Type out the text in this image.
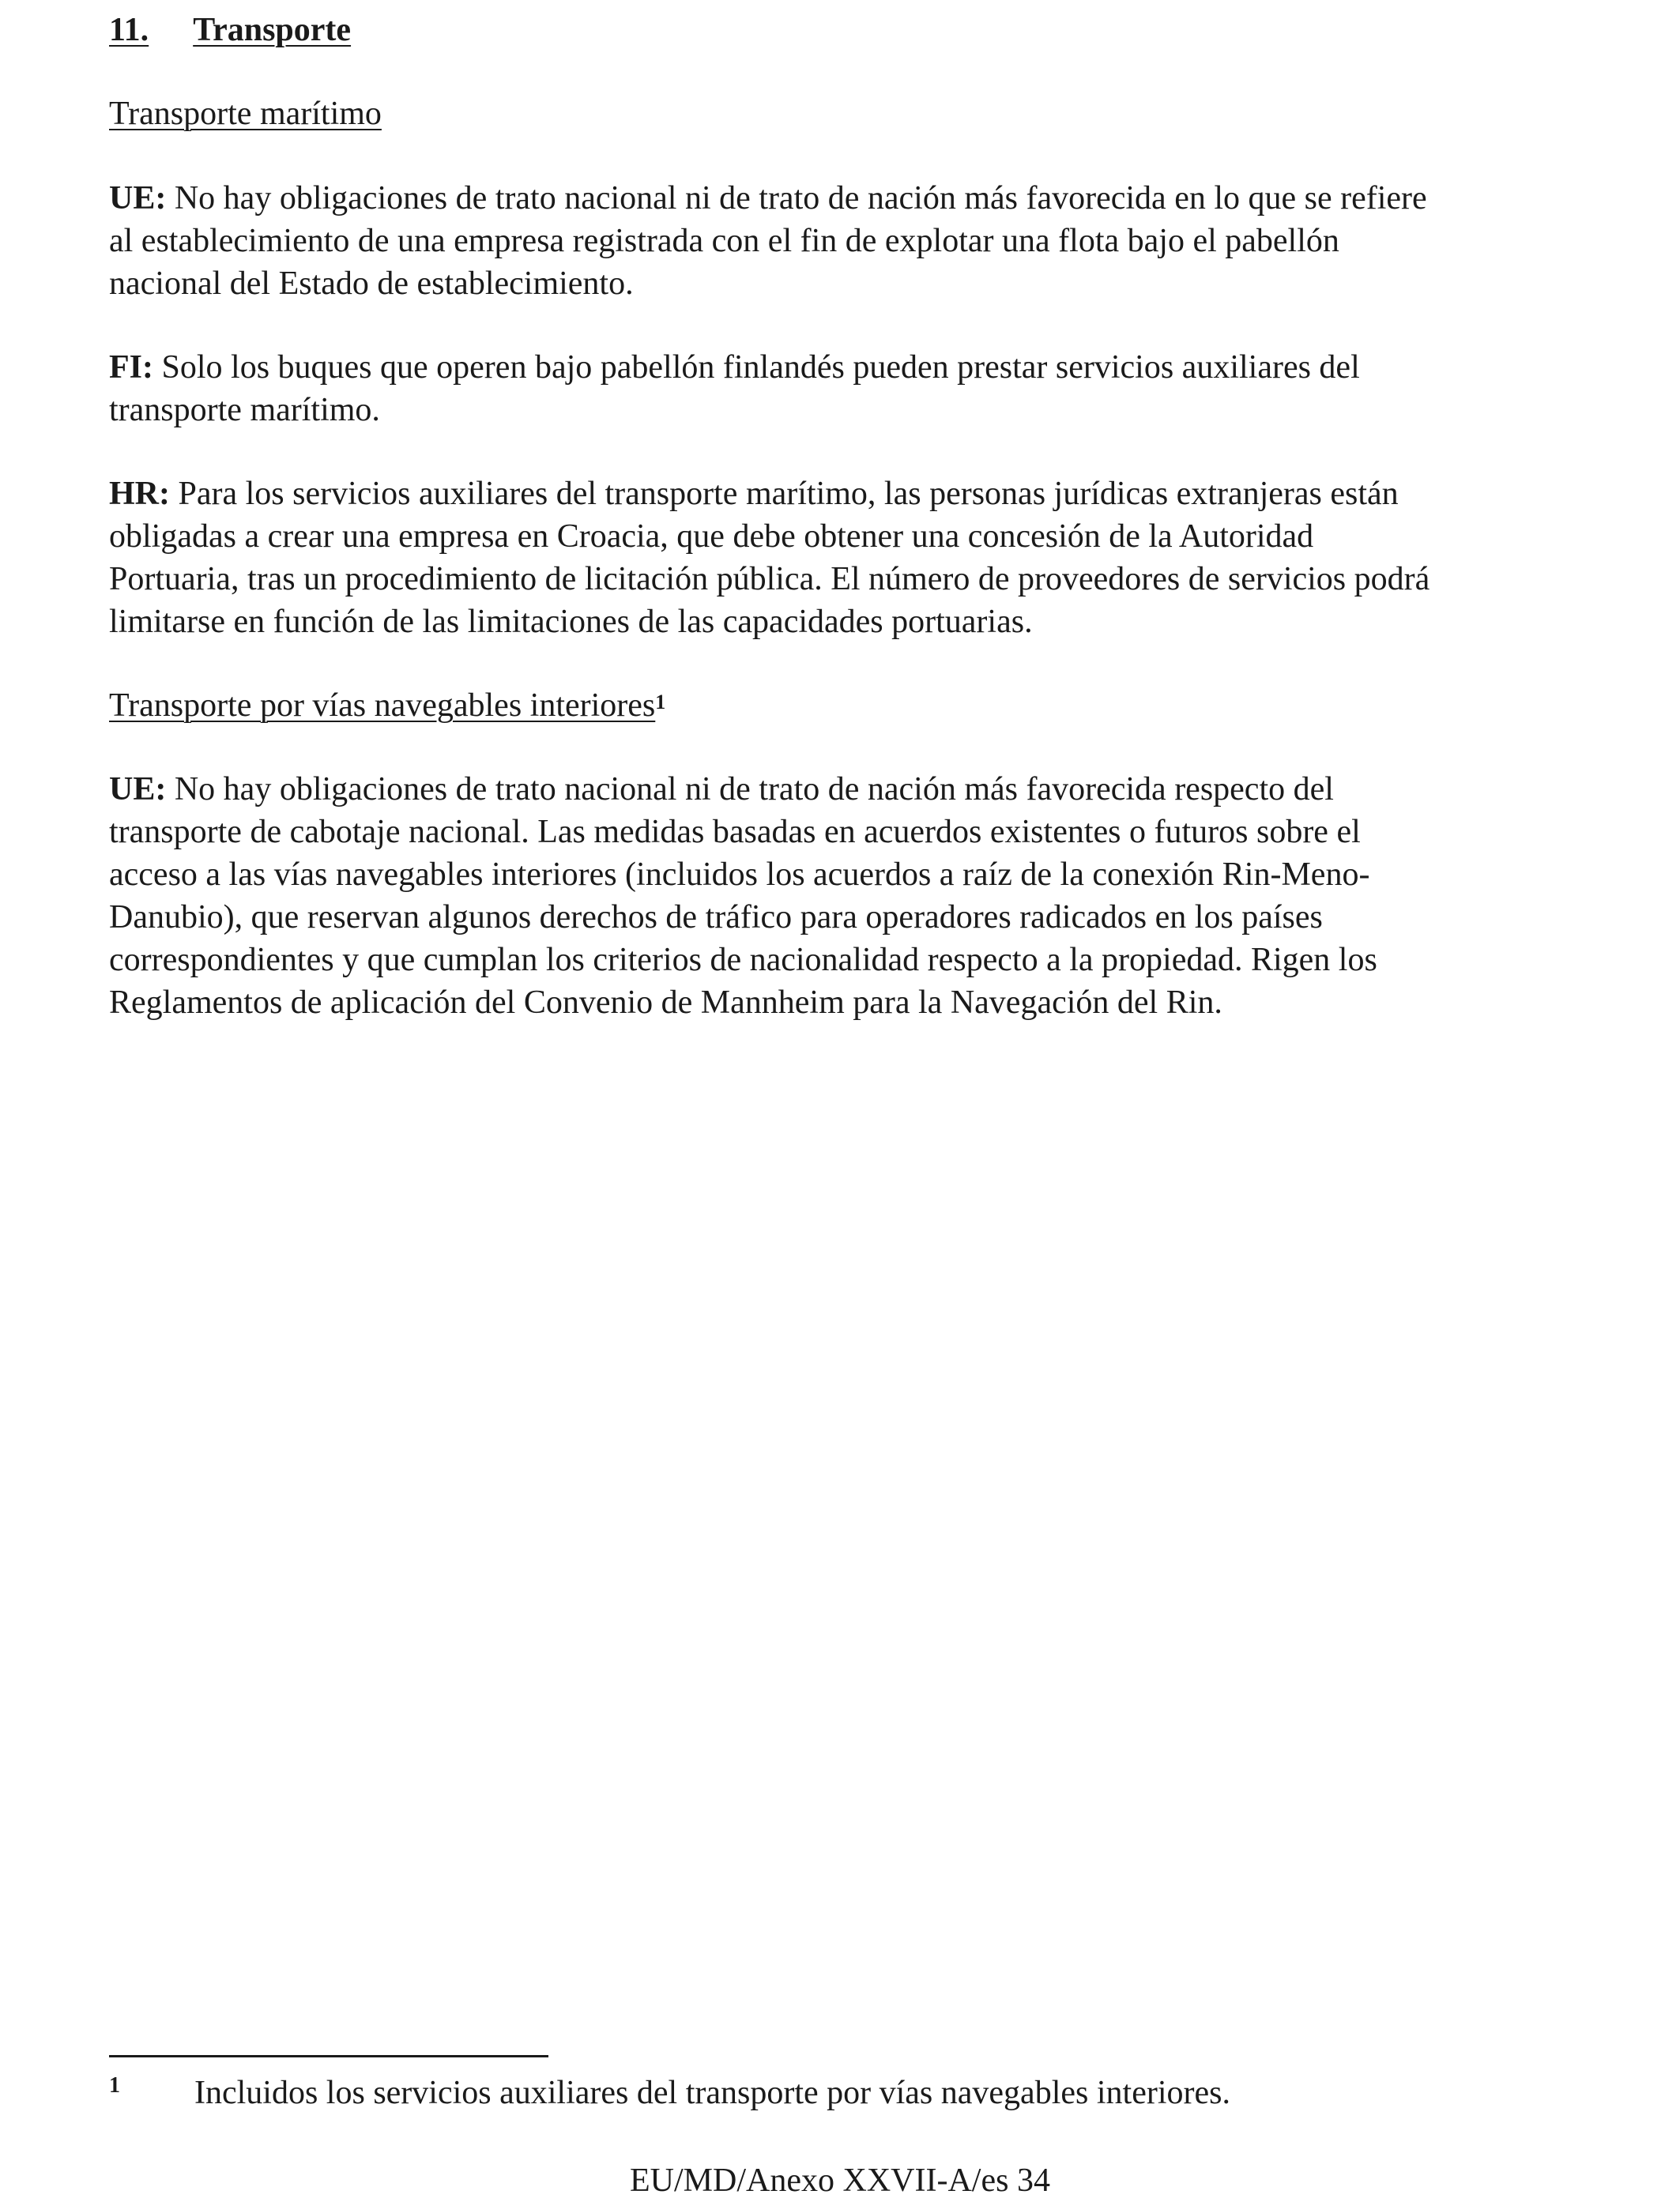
11. Transporte
Transporte marítimo
UE: No hay obligaciones de trato nacional ni de trato de nación más favorecida en lo que se refiere
al establecimiento de una empresa registrada con el fin de explotar una flota bajo el pabellón
nacional del Estado de establecimiento.
FI: Solo los buques que operen bajo pabellón finlandés pueden prestar servicios auxiliares del
transporte marítimo.
HR: Para los servicios auxiliares del transporte marítimo, las personas jurídicas extranjeras están
obligadas a crear una empresa en Croacia, que debe obtener una concesión de la Autoridad
Portuaria, tras un procedimiento de licitación pública. El número de proveedores de servicios podrá
limitarse en función de las limitaciones de las capacidades portuarias.
Transporte por vías navegables interiores$^1$
UE: No hay obligaciones de trato nacional ni de trato de nación más favorecida respecto del
transporte de cabotaje nacional. Las medidas basadas en acuerdos existentes o futuros sobre el
acceso a las vías navegables interiores (incluidos los acuerdos a raíz de la conexión Rin-Meno-
Danubio), que reservan algunos derechos de tráfico para operadores radicados en los países
correspondientes y que cumplan los criterios de nacionalidad respecto a la propiedad. Rigen los
Reglamentos de aplicación del Convenio de Mannheim para la Navegación del Rin.
1 Incluidos los servicios auxiliares del transporte por vías navegables interiores.
EU/MD/Anexo XXVII-A/es 34
